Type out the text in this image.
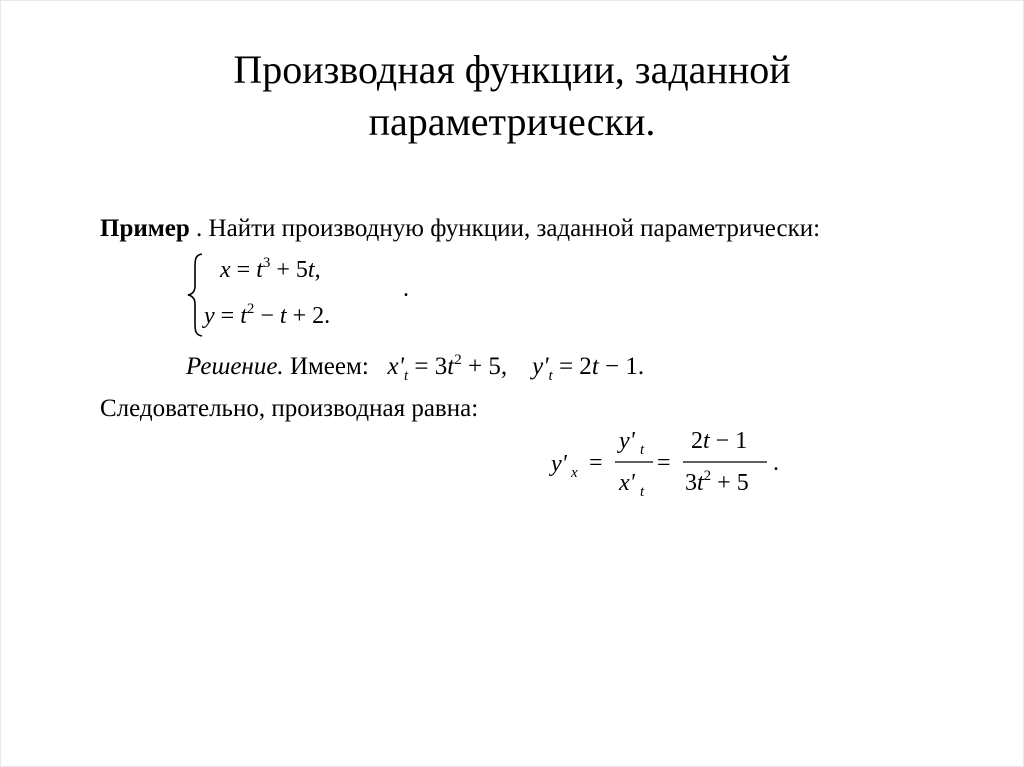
Производная функции, заданной
параметрически.
Пример . Найти производную функции, заданной параметрически:
$x = t^3 + 5t$,
$y = t^2 - t + 2$.
.
Решение. Имеем: $x'_t = 3t^2 + 5$, $y'_t = 2t - 1$.
Следовательно, производная равна:
y' x =
y' t
x' t
=
2t − 1
$3t^2 + 5$
.
